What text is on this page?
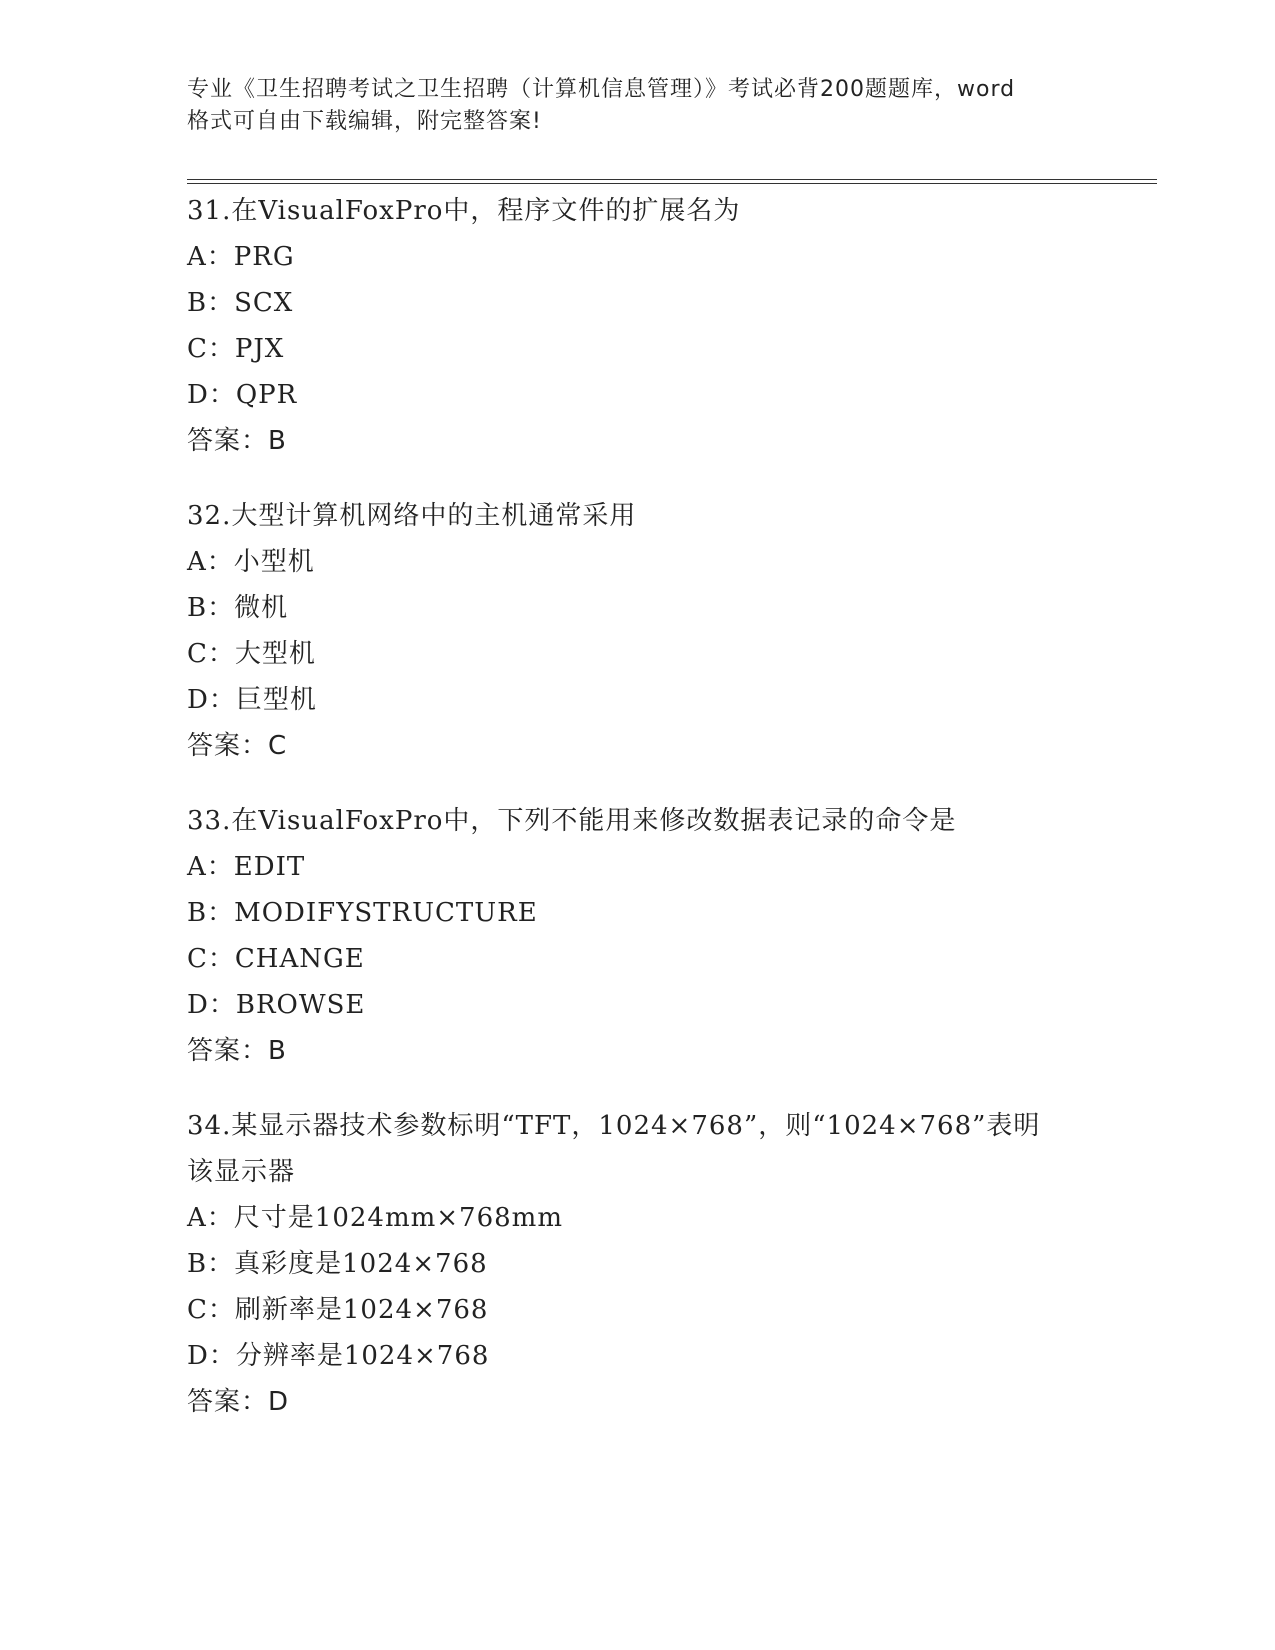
专业《卫生招聘考试之卫生招聘（计算机信息管理）》考试必背200题题库，word
格式可自由下载编辑，附完整答案!
31.在VisualFoxPro中，程序文件的扩展名为
A：PRG
B：SCX
C：PJX
D：QPR
答案：B
32.大型计算机网络中的主机通常采用
A：小型机
B：微机
C：大型机
D：巨型机
答案：C
33.在VisualFoxPro中，下列不能用来修改数据表记录的命令是
A：EDIT
B：MODIFYSTRUCTURE
C：CHANGE
D：BROWSE
答案：B
34.某显示器技术参数标明“TFT，1024×768”，则“1024×768”表明该显示器
A：尺寸是1024mm×768mm
B：真彩度是1024×768
C：刷新率是1024×768
D：分辨率是1024×768
答案：D
